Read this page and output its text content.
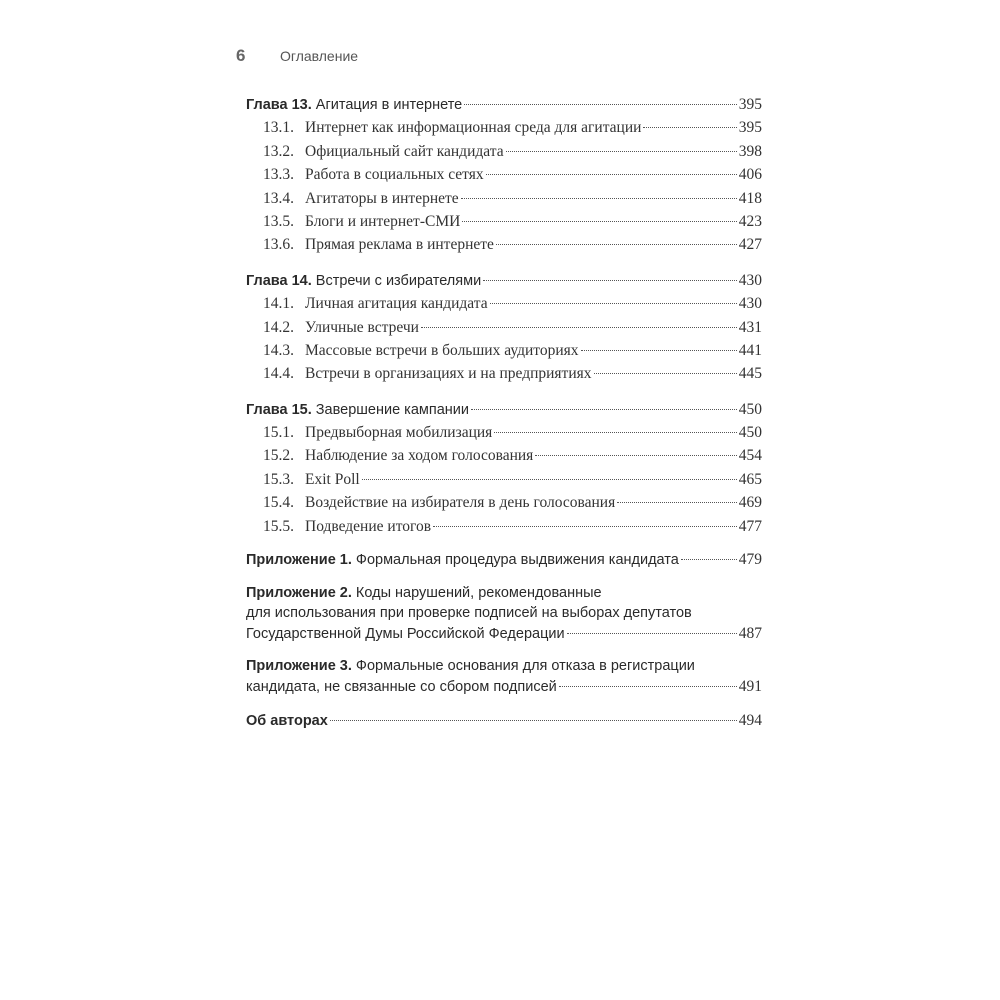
6 Оглавление
Глава 13. Агитация в интернете	395
13.1. Интернет как информационная среда для агитации	395
13.2. Официальный сайт кандидата	398
13.3. Работа в социальных сетях	406
13.4. Агитаторы в интернете	418
13.5. Блоги и интернет-СМИ	423
13.6. Прямая реклама в интернете	427
Глава 14. Встречи с избирателями	430
14.1. Личная агитация кандидата	430
14.2. Уличные встречи	431
14.3. Массовые встречи в больших аудиториях	441
14.4. Встречи в организациях и на предприятиях	445
Глава 15. Завершение кампании	450
15.1. Предвыборная мобилизация	450
15.2. Наблюдение за ходом голосования	454
15.3. Exit Poll	465
15.4. Воздействие на избирателя в день голосования	469
15.5. Подведение итогов	477
Приложение 1. Формальная процедура выдвижения кандидата	479
Приложение 2. Коды нарушений, рекомендованные
для использования при проверке подписей на выборах депутатов
Государственной Думы Российской Федерации	487
Приложение 3. Формальные основания для отказа в регистрации
кандидата, не связанные со сбором подписей	491
Об авторах	494
